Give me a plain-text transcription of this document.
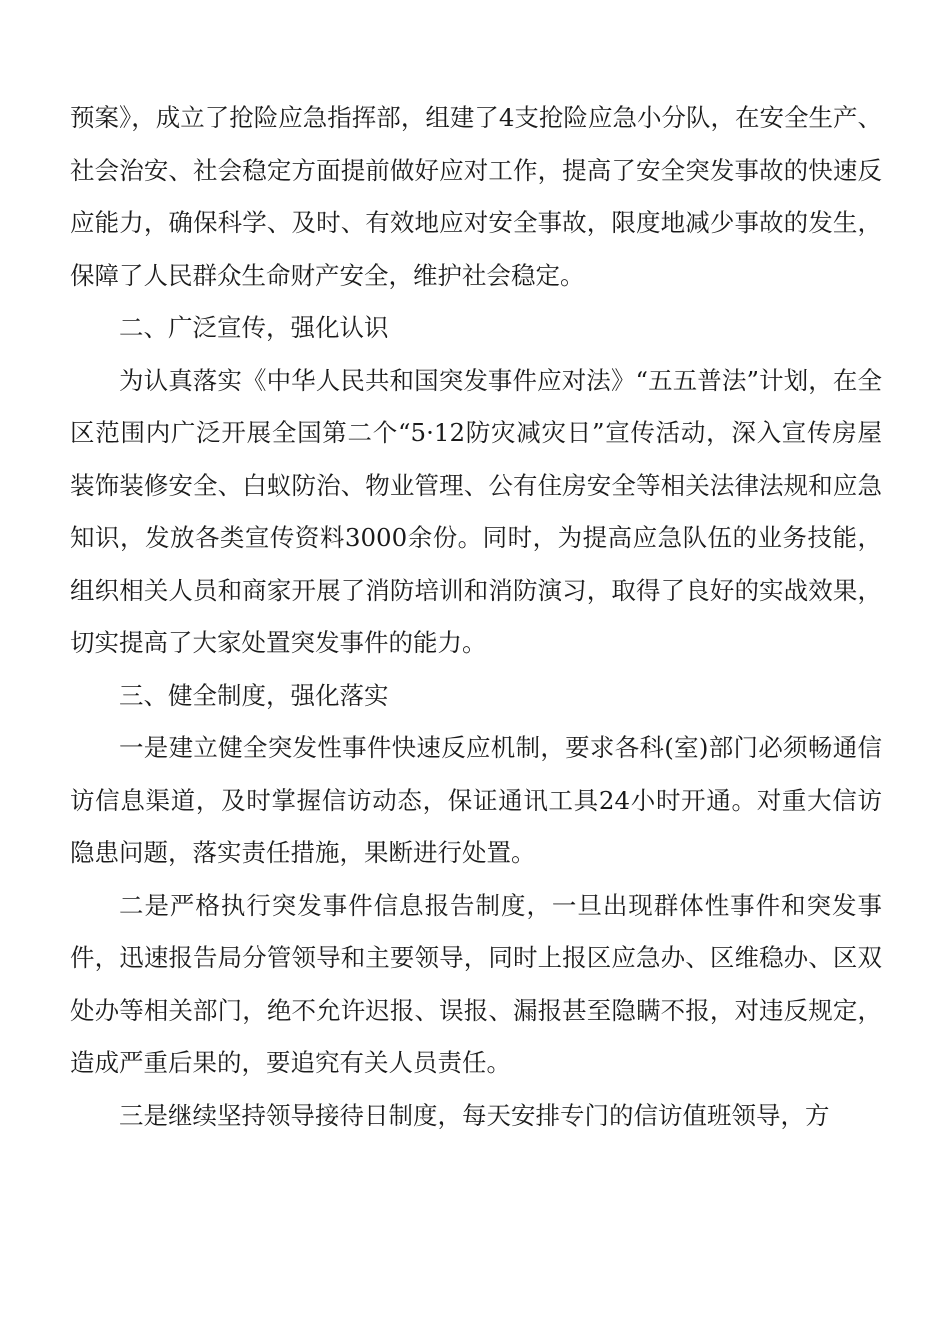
预案》，成立了抢险应急指挥部，组建了4支抢险应急小分队，在安全生产、社会治安、社会稳定方面提前做好应对工作，提高了安全突发事故的快速反应能力，确保科学、及时、有效地应对安全事故，限度地减少事故的发生，保障了人民群众生命财产安全，维护社会稳定。

二、广泛宣传，强化认识

为认真落实《中华人民共和国突发事件应对法》“五五普法”计划，在全区范围内广泛开展全国第二个“5·12防灾减灾日”宣传活动，深入宣传房屋装饰装修安全、白蚁防治、物业管理、公有住房安全等相关法律法规和应急知识，发放各类宣传资料3000余份。同时，为提高应急队伍的业务技能，组织相关人员和商家开展了消防培训和消防演习，取得了良好的实战效果，切实提高了大家处置突发事件的能力。

三、健全制度，强化落实

一是建立健全突发性事件快速反应机制，要求各科(室)部门必须畅通信访信息渠道，及时掌握信访动态，保证通讯工具24小时开通。对重大信访隐患问题，落实责任措施，果断进行处置。

二是严格执行突发事件信息报告制度，一旦出现群体性事件和突发事件，迅速报告局分管领导和主要领导，同时上报区应急办、区维稳办、区双处办等相关部门，绝不允许迟报、误报、漏报甚至隐瞒不报，对违反规定，造成严重后果的，要追究有关人员责任。

三是继续坚持领导接待日制度，每天安排专门的信访值班领导，方
